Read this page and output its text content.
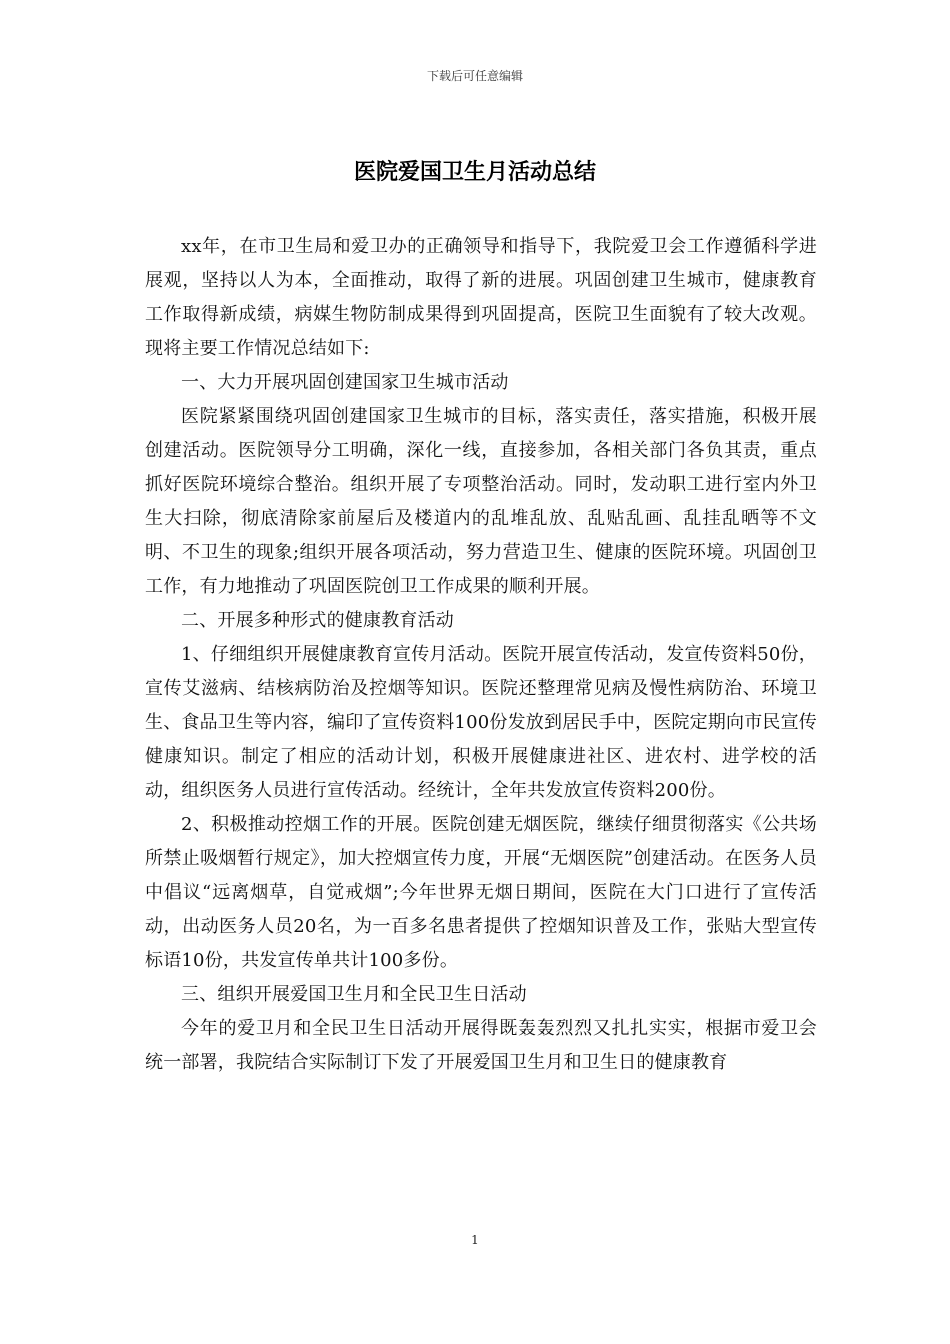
下载后可任意编辑
医院爱国卫生月活动总结

xx年，在市卫生局和爱卫办的正确领导和指导下，我院爱卫会工作遵循科学进展观，坚持以人为本，全面推动，取得了新的进展。巩固创建卫生城市，健康教育工作取得新成绩，病媒生物防制成果得到巩固提高，医院卫生面貌有了较大改观。现将主要工作情况总结如下:

一、大力开展巩固创建国家卫生城市活动

医院紧紧围绕巩固创建国家卫生城市的目标，落实责任，落实措施，积极开展创建活动。医院领导分工明确，深化一线，直接参加，各相关部门各负其责，重点抓好医院环境综合整治。组织开展了专项整治活动。同时，发动职工进行室内外卫生大扫除，彻底清除家前屋后及楼道内的乱堆乱放、乱贴乱画、乱挂乱晒等不文明、不卫生的现象;组织开展各项活动，努力营造卫生、健康的医院环境。巩固创卫工作，有力地推动了巩固医院创卫工作成果的顺利开展。

二、开展多种形式的健康教育活动

1、仔细组织开展健康教育宣传月活动。医院开展宣传活动，发宣传资料50份，宣传艾滋病、结核病防治及控烟等知识。医院还整理常见病及慢性病防治、环境卫生、食品卫生等内容，编印了宣传资料100份发放到居民手中，医院定期向市民宣传健康知识。制定了相应的活动计划，积极开展健康进社区、进农村、进学校的活动，组织医务人员进行宣传活动。经统计，全年共发放宣传资料200份。

2、积极推动控烟工作的开展。医院创建无烟医院，继续仔细贯彻落实《公共场所禁止吸烟暂行规定》，加大控烟宣传力度，开展“无烟医院”创建活动。在医务人员中倡议“远离烟草，自觉戒烟”;今年世界无烟日期间，医院在大门口进行了宣传活动，出动医务人员20名，为一百多名患者提供了控烟知识普及工作，张贴大型宣传标语10份，共发宣传单共计100多份。

三、组织开展爱国卫生月和全民卫生日活动

今年的爱卫月和全民卫生日活动开展得既轰轰烈烈又扎扎实实，根据市爱卫会统一部署，我院结合实际制订下发了开展爱国卫生月和卫生日的健康教育

1
